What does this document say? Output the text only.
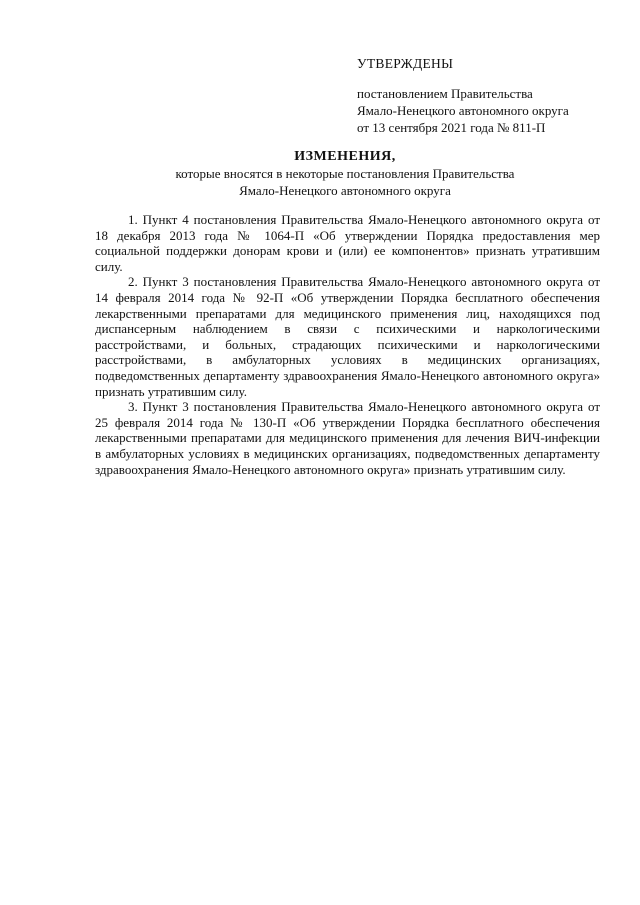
УТВЕРЖДЕНЫ
постановлением Правительства
Ямало-Ненецкого автономного округа
от 13 сентября 2021 года № 811-П
ИЗМЕНЕНИЯ,
которые вносятся в некоторые постановления Правительства
Ямало-Ненецкого автономного округа

1. Пункт 4 постановления Правительства Ямало-Ненецкого автономного округа от 18 декабря 2013 года № 1064-П «Об утверждении Порядка предоставления мер социальной поддержки донорам крови и (или) ее компонентов» признать утратившим силу.

2. Пункт 3 постановления Правительства Ямало-Ненецкого автономного округа от 14 февраля 2014 года № 92-П «Об утверждении Порядка бесплатного обеспечения лекарственными препаратами для медицинского применения лиц, находящихся под диспансерным наблюдением в связи с психическими и наркологическими расстройствами, и больных, страдающих психическими и наркологическими расстройствами, в амбулаторных условиях в медицинских организациях, подведомственных департаменту здравоохранения Ямало-Ненецкого автономного округа» признать утратившим силу.

3. Пункт 3 постановления Правительства Ямало-Ненецкого автономного округа от 25 февраля 2014 года № 130-П «Об утверждении Порядка бесплатного обеспечения лекарственными препаратами для медицинского применения для лечения ВИЧ-инфекции в амбулаторных условиях в медицинских организациях, подведомственных департаменту здравоохранения Ямало-Ненецкого автономного округа» признать утратившим силу.
